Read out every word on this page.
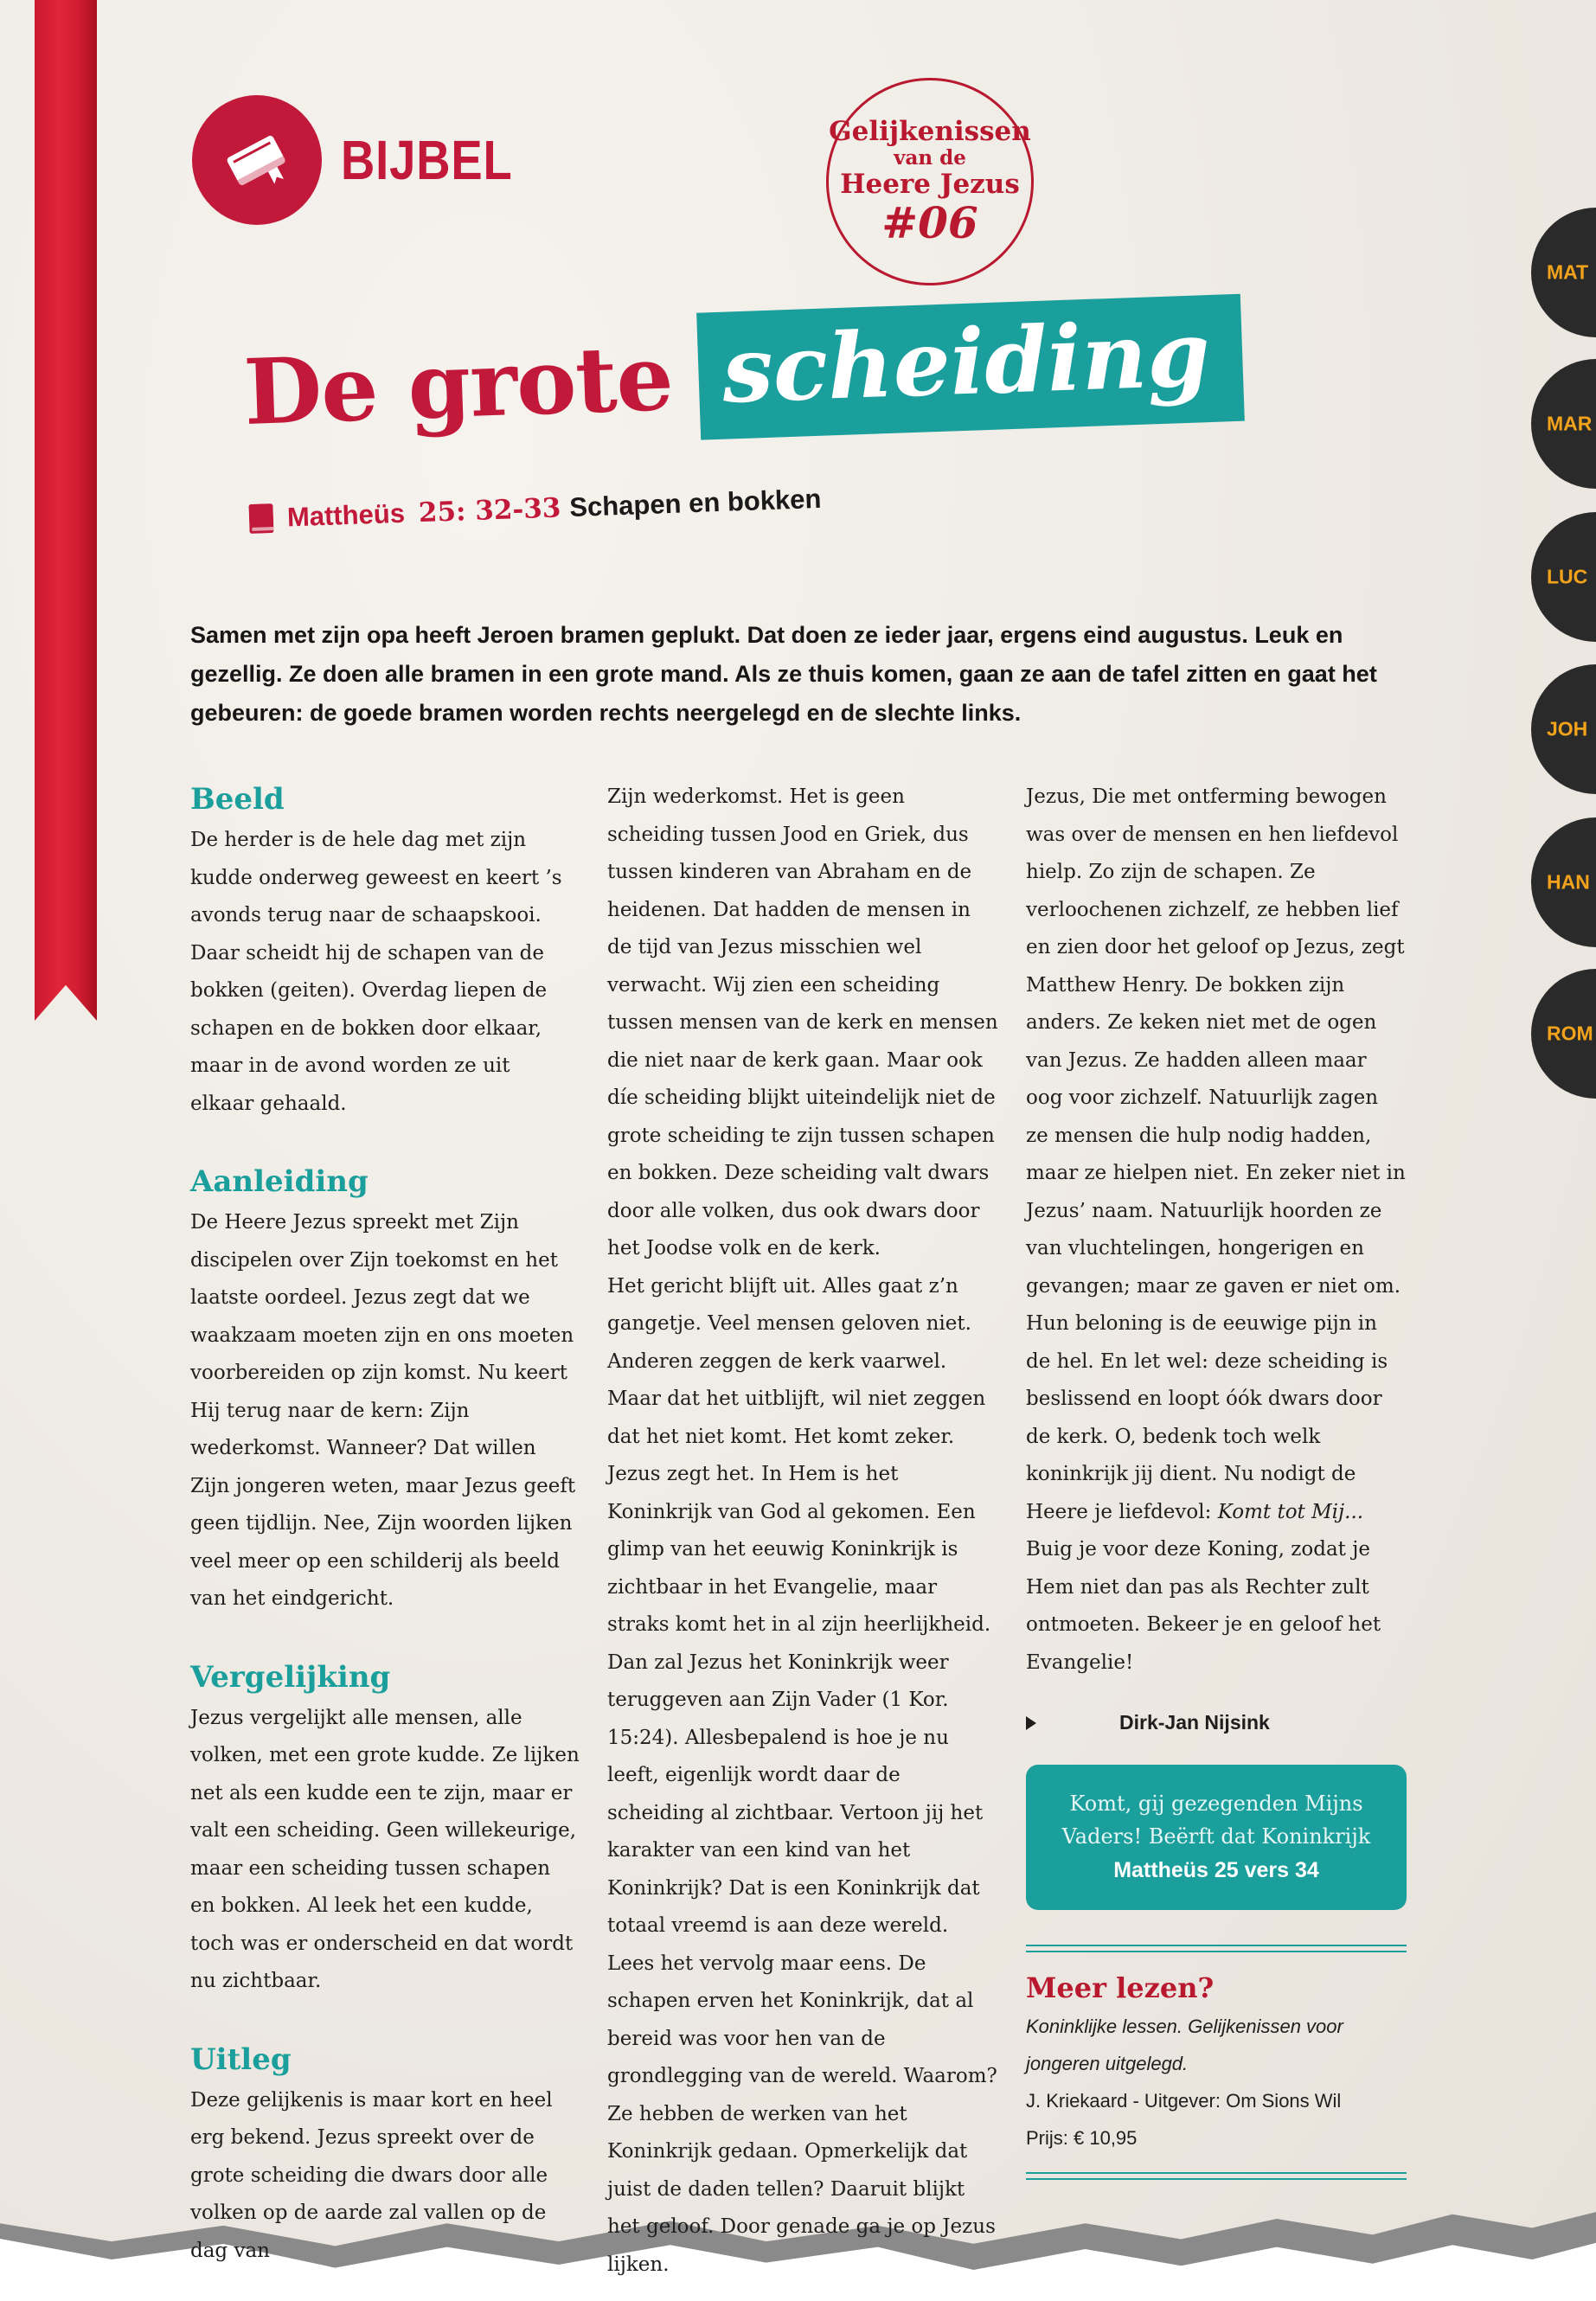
BIJBEL	Gelijkenissen
van de
Heere Jezus
#06
MAT
MAR
LUC
JOH
HAN
ROM
De grote scheiding
Mattheüs 25: 32-33 Schapen en bokken
Samen met zijn opa heeft Jeroen bramen geplukt. Dat doen ze ieder jaar, ergens eind augustus. Leuk en gezellig. Ze doen alle bramen in een grote mand. Als ze thuis komen, gaan ze aan de tafel zitten en gaat het gebeuren: de goede bramen worden rechts neergelegd en de slechte links.
Beeld

De herder is de hele dag met zijn kudde onderweg geweest en keert ’s avonds terug naar de schaapskooi. Daar scheidt hij de schapen van de bokken (geiten). Overdag liepen de schapen en de bokken door elkaar, maar in de avond worden ze uit elkaar gehaald.

Aanleiding

De Heere Jezus spreekt met Zijn discipelen over Zijn toekomst en het laatste oordeel. Jezus zegt dat we waakzaam moeten zijn en ons moeten voorbereiden op zijn komst. Nu keert Hij terug naar de kern: Zijn wederkomst. Wanneer? Dat willen Zijn jongeren weten, maar Jezus geeft geen tijdlijn. Nee, Zijn woorden lijken veel meer op een schilderij als beeld van het eindgericht.

Vergelijking

Jezus vergelijkt alle mensen, alle volken, met een grote kudde. Ze lijken net als een kudde een te zijn, maar er valt een scheiding. Geen willekeurige, maar een scheiding tussen schapen en bokken. Al leek het een kudde, toch was er onderscheid en dat wordt nu zichtbaar.

Uitleg

Deze gelijkenis is maar kort en heel erg bekend. Jezus spreekt over de grote scheiding die dwars door alle volken op de aarde zal vallen op de dag van

Zijn wederkomst. Het is geen scheiding tussen Jood en Griek, dus tussen kinderen van Abraham en de heidenen. Dat hadden de mensen in de tijd van Jezus misschien wel verwacht. Wij zien een scheiding tussen mensen van de kerk en mensen die niet naar de kerk gaan. Maar ook díe scheiding blijkt uiteindelijk niet de grote scheiding te zijn tussen schapen en bokken. Deze scheiding valt dwars door alle volken, dus ook dwars door het Joodse volk en de kerk.

Het gericht blijft uit. Alles gaat z’n gangetje. Veel mensen geloven niet. Anderen zeggen de kerk vaarwel. Maar dat het uitblijft, wil niet zeggen dat het niet komt. Het komt zeker. Jezus zegt het. In Hem is het Koninkrijk van God al gekomen. Een glimp van het eeuwig Koninkrijk is zichtbaar in het Evangelie, maar straks komt het in al zijn heerlijkheid. Dan zal Jezus het Koninkrijk weer teruggeven aan Zijn Vader (1 Kor. 15:24). Allesbepalend is hoe je nu leeft, eigenlijk wordt daar de scheiding al zichtbaar. Vertoon jij het karakter van een kind van het Koninkrijk? Dat is een Koninkrijk dat totaal vreemd is aan deze wereld. Lees het vervolg maar eens. De schapen erven het Koninkrijk, dat al bereid was voor hen van de grondlegging van de wereld. Waarom? Ze hebben de werken van het Koninkrijk gedaan. Opmerkelijk dat juist de daden tellen? Daaruit blijkt het geloof. Door genade ga je op Jezus lijken.

Jezus, Die met ontferming bewogen was over de mensen en hen liefdevol hielp. Zo zijn de schapen. Ze verloochenen zichzelf, ze hebben lief en zien door het geloof op Jezus, zegt Matthew Henry. De bokken zijn anders. Ze keken niet met de ogen van Jezus. Ze hadden alleen maar oog voor zichzelf. Natuurlijk zagen ze mensen die hulp nodig hadden, maar ze hielpen niet. En zeker niet in Jezus’ naam. Natuurlijk hoorden ze van vluchtelingen, hongerigen en gevangen; maar ze gaven er niet om. Hun beloning is de eeuwige pijn in de hel. En let wel: deze scheiding is beslissend en loopt óók dwars door de kerk. O, bedenk toch welk koninkrijk jij dient. Nu nodigt de Heere je liefdevol: Komt tot Mij... Buig je voor deze Koning, zodat je Hem niet dan pas als Rechter zult ontmoeten. Bekeer je en geloof het Evangelie!

Dirk-Jan Nijsink
Komt, gij gezegenden Mijns Vaders! Beërft dat Koninkrijk
Mattheüs 25 vers 34
Meer lezen?

Koninklijke lessen. Gelijkenissen voor jongeren uitgelegd.

J. Kriekaard - Uitgever: Om Sions Wil

Prijs: € 10,95
